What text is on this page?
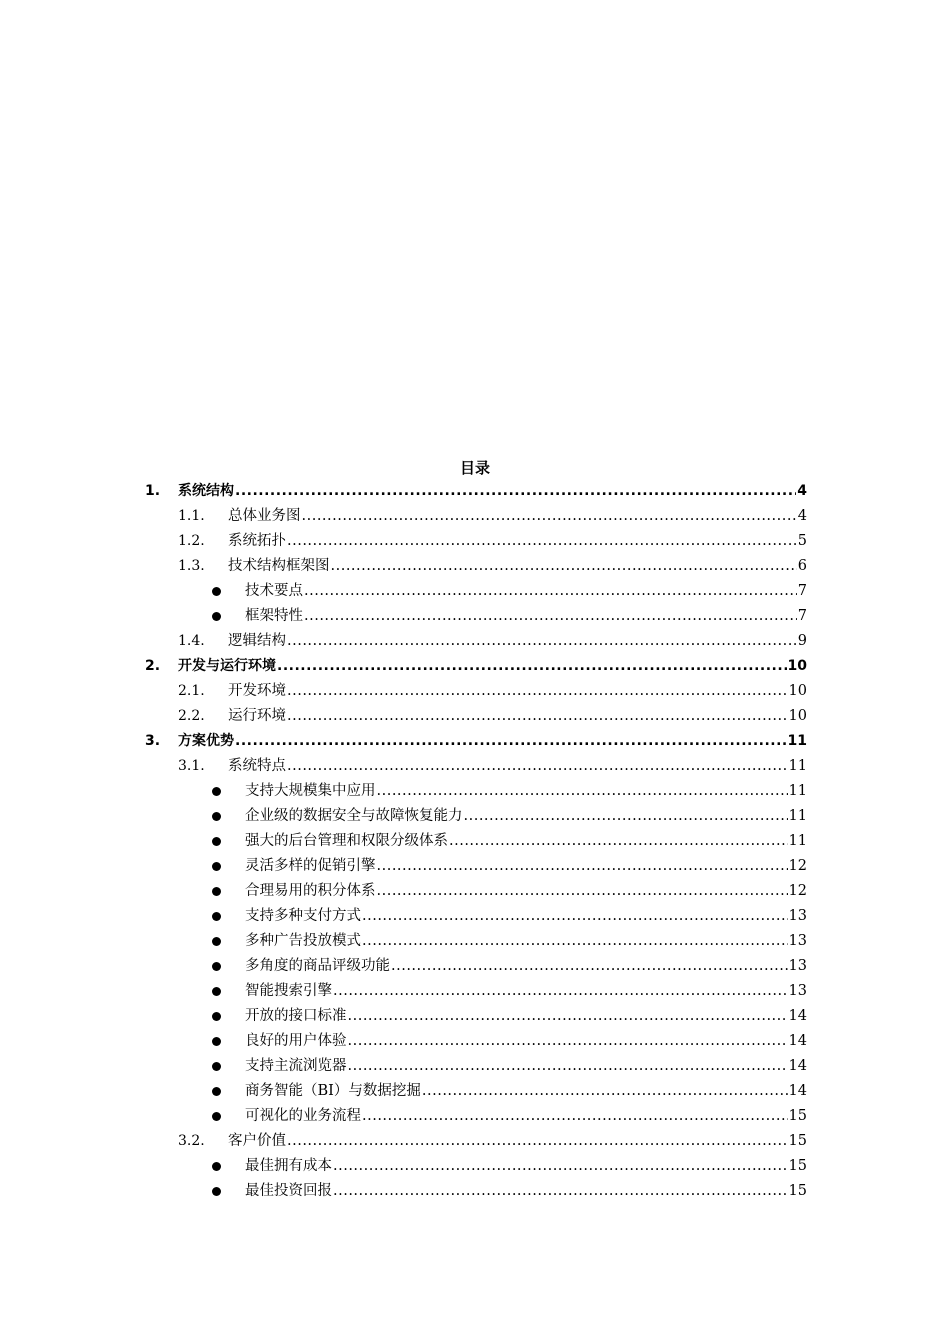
目录
1. 系统结构 .....	4
1.1. 总体业务图 .....	4
1.2. 系统拓扑 .....	5
1.3. 技术结构框架图 .....	6
技术要点 .....	7
框架特性 .....	7
1.4. 逻辑结构 .....	9
2. 开发与运行环境 .....	10
2.1. 开发环境 .....	10
2.2. 运行环境 .....	10
3. 方案优势 .....	11
3.1. 系统特点 .....	11
支持大规模集中应用 .....	11
企业级的数据安全与故障恢复能力 .....	11
强大的后台管理和权限分级体系 .....	11
灵活多样的促销引擎 .....	12
合理易用的积分体系 .....	12
支持多种支付方式 .....	13
多种广告投放模式 .....	13
多角度的商品评级功能 .....	13
智能搜索引擎 .....	13
开放的接口标准 .....	14
良好的用户体验 .....	14
支持主流浏览器 .....	14
商务智能（BI）与数据挖掘 .....	14
可视化的业务流程 .....	15
3.2. 客户价值 .....	15
最佳拥有成本 .....	15
最佳投资回报 .....	15
